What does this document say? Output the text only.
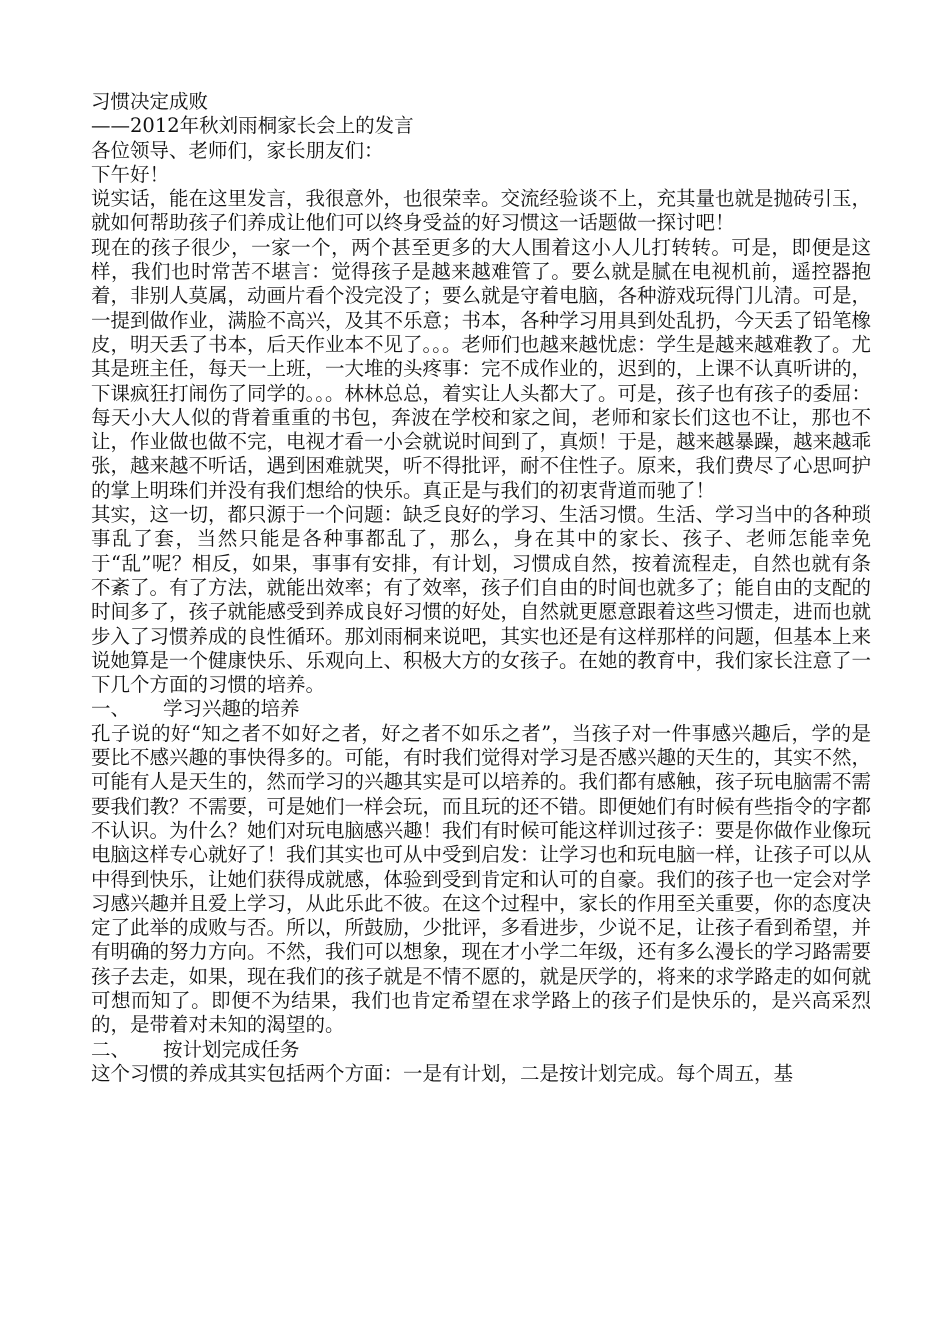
习惯决定成败

——2012年秋刘雨桐家长会上的发言

各位领导、老师们，家长朋友们：

下午好！

说实话，能在这里发言，我很意外，也很荣幸。交流经验谈不上，充其量也就是抛砖引玉，就如何帮助孩子们养成让他们可以终身受益的好习惯这一话题做一探讨吧！

现在的孩子很少，一家一个，两个甚至更多的大人围着这小人儿打转转。可是，即便是这样，我们也时常苦不堪言：觉得孩子是越来越难管了。要么就是腻在电视机前，遥控器抱着，非别人莫属，动画片看个没完没了；要么就是守着电脑，各种游戏玩得门儿清。可是，一提到做作业，满脸不高兴，及其不乐意；书本，各种学习用具到处乱扔，今天丢了铅笔橡皮，明天丢了书本，后天作业本不见了。。。老师们也越来越忧虑：学生是越来越难教了。尤其是班主任，每天一上班，一大堆的头疼事：完不成作业的，迟到的，上课不认真听讲的，下课疯狂打闹伤了同学的。。。林林总总，着实让人头都大了。可是，孩子也有孩子的委屈：每天小大人似的背着重重的书包，奔波在学校和家之间，老师和家长们这也不让，那也不让，作业做也做不完，电视才看一小会就说时间到了，真烦！于是，越来越暴躁，越来越乖张，越来越不听话，遇到困难就哭，听不得批评，耐不住性子。原来，我们费尽了心思呵护的掌上明珠们并没有我们想给的快乐。真正是与我们的初衷背道而驰了！

其实，这一切，都只源于一个问题：缺乏良好的学习、生活习惯。生活、学习当中的各种琐事乱了套，当然只能是各种事都乱了，那么，身在其中的家长、孩子、老师怎能幸免于“乱”呢？相反，如果，事事有安排，有计划，习惯成自然，按着流程走，自然也就有条不紊了。有了方法，就能出效率；有了效率，孩子们自由的时间也就多了；能自由的支配的时间多了，孩子就能感受到养成良好习惯的好处，自然就更愿意跟着这些习惯走，进而也就步入了习惯养成的良性循环。那刘雨桐来说吧，其实也还是有这样那样的问题，但基本上来说她算是一个健康快乐、乐观向上、积极大方的女孩子。在她的教育中，我们家长注意了一下几个方面的习惯的培养。

一、	学习兴趣的培养

孔子说的好“知之者不如好之者，好之者不如乐之者”，当孩子对一件事感兴趣后，学的是要比不感兴趣的事快得多的。可能，有时我们觉得对学习是否感兴趣的天生的，其实不然，可能有人是天生的，然而学习的兴趣其实是可以培养的。我们都有感触，孩子玩电脑需不需要我们教？不需要，可是她们一样会玩，而且玩的还不错。即便她们有时候有些指令的字都不认识。为什么？她们对玩电脑感兴趣！我们有时候可能这样训过孩子：要是你做作业像玩电脑这样专心就好了！我们其实也可从中受到启发：让学习也和玩电脑一样，让孩子可以从中得到快乐，让她们获得成就感，体验到受到肯定和认可的自豪。我们的孩子也一定会对学习感兴趣并且爱上学习，从此乐此不彼。在这个过程中，家长的作用至关重要，你的态度决定了此举的成败与否。所以，所鼓励，少批评，多看进步，少说不足，让孩子看到希望，并有明确的努力方向。不然，我们可以想象，现在才小学二年级，还有多么漫长的学习路需要孩子去走，如果，现在我们的孩子就是不情不愿的，就是厌学的，将来的求学路走的如何就可想而知了。即便不为结果，我们也肯定希望在求学路上的孩子们是快乐的，是兴高采烈的，是带着对未知的渴望的。

二、	按计划完成任务

这个习惯的养成其实包括两个方面：一是有计划，二是按计划完成。每个周五，基
